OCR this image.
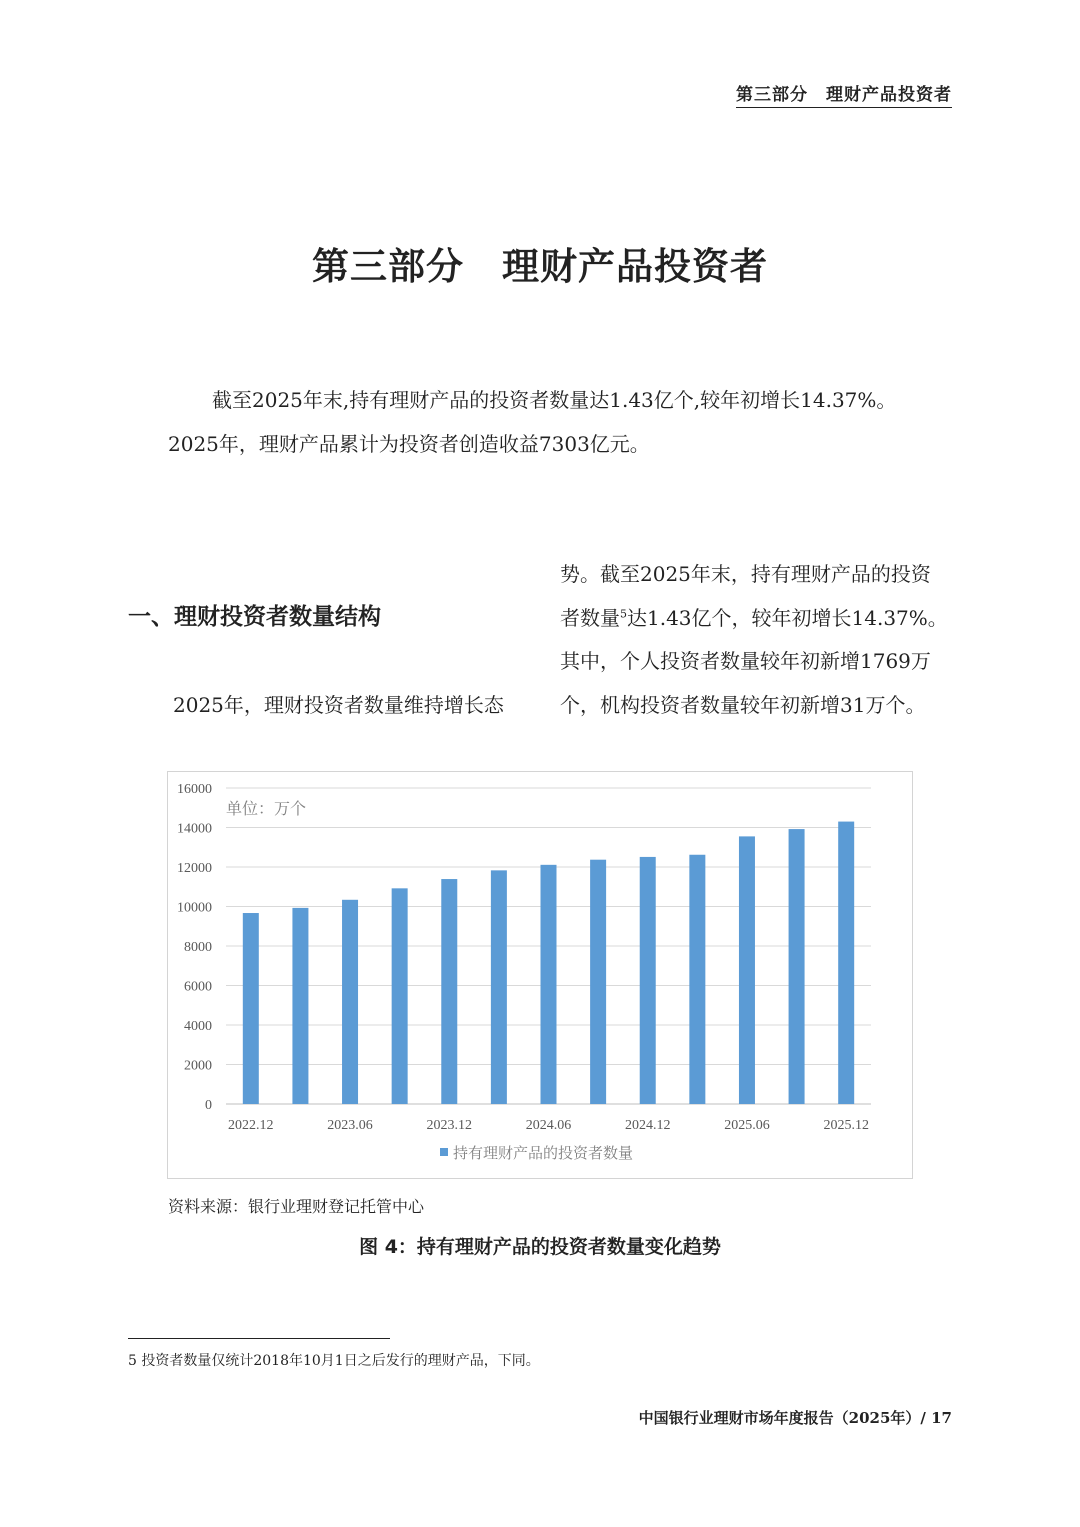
第三部分　理财产品投资者
第三部分　理财产品投资者
截至2025年末,持有理财产品的投资者数量达1.43亿个,较年初增长14.37%。
2025年，理财产品累计为投资者创造收益7303亿元。
一、理财投资者数量结构
2025年，理财投资者数量维持增长态
势。截至2025年末，持有理财产品的投资
者数量$^5$达1.43亿个，较年初增长14.37%。
其中，个人投资者数量较年初新增1769万
个，机构投资者数量较年初新增31万个。
0
2000
4000
6000
8000
10000
12000
14000
16000
单位：万个
2022.12	2023.06	2023.12	2024.06	2024.12	2025.06	2025.12
持有理财产品的投资者数量
资料来源：银行业理财登记托管中心
图 4：持有理财产品的投资者数量变化趋势
5 投资者数量仅统计2018年10月1日之后发行的理财产品，下同。
中国银行业理财市场年度报告（2025年）/ 17
